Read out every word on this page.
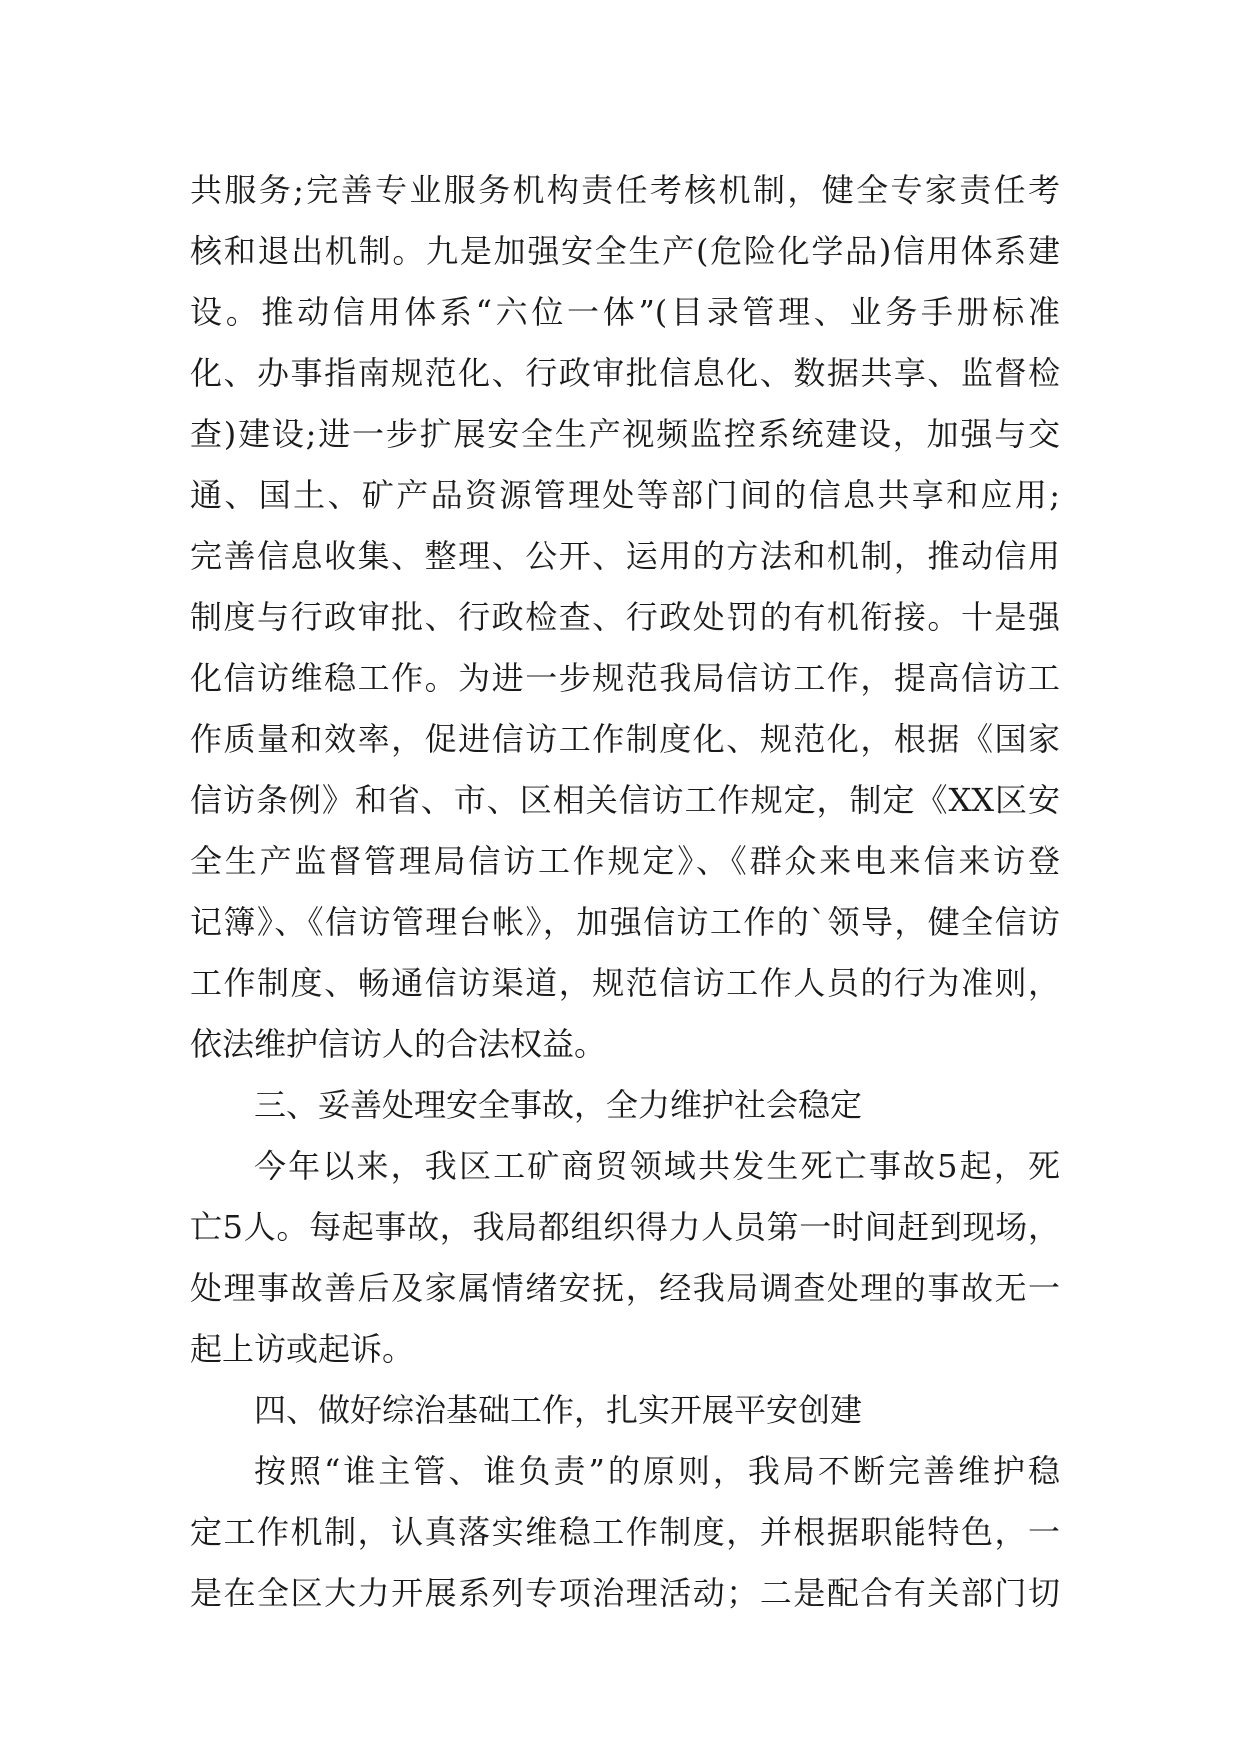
共服务;完善专业服务机构责任考核机制，健全专家责任考
核和退出机制。九是加强安全生产(危险化学品)信用体系建
设。推动信用体系“六位一体”(目录管理、业务手册标准
化、办事指南规范化、行政审批信息化、数据共享、监督检
查)建设;进一步扩展安全生产视频监控系统建设，加强与交
通、国土、矿产品资源管理处等部门间的信息共享和应用;
完善信息收集、整理、公开、运用的方法和机制，推动信用
制度与行政审批、行政检查、行政处罚的有机衔接。十是强
化信访维稳工作。为进一步规范我局信访工作，提高信访工
作质量和效率，促进信访工作制度化、规范化，根据《国家
信访条例》和省、市、区相关信访工作规定，制定《XX区安
全生产监督管理局信访工作规定》、《群众来电来信来访登
记簿》、《信访管理台帐》，加强信访工作的`领导，健全信访
工作制度、畅通信访渠道，规范信访工作人员的行为准则，
依法维护信访人的合法权益。
三、妥善处理安全事故，全力维护社会稳定
今年以来，我区工矿商贸领域共发生死亡事故5起，死
亡5人。每起事故，我局都组织得力人员第一时间赶到现场，
处理事故善后及家属情绪安抚，经我局调查处理的事故无一
起上访或起诉。
四、做好综治基础工作，扎实开展平安创建
按照“谁主管、谁负责”的原则，我局不断完善维护稳
定工作机制，认真落实维稳工作制度，并根据职能特色，一
是在全区大力开展系列专项治理活动；二是配合有关部门切
